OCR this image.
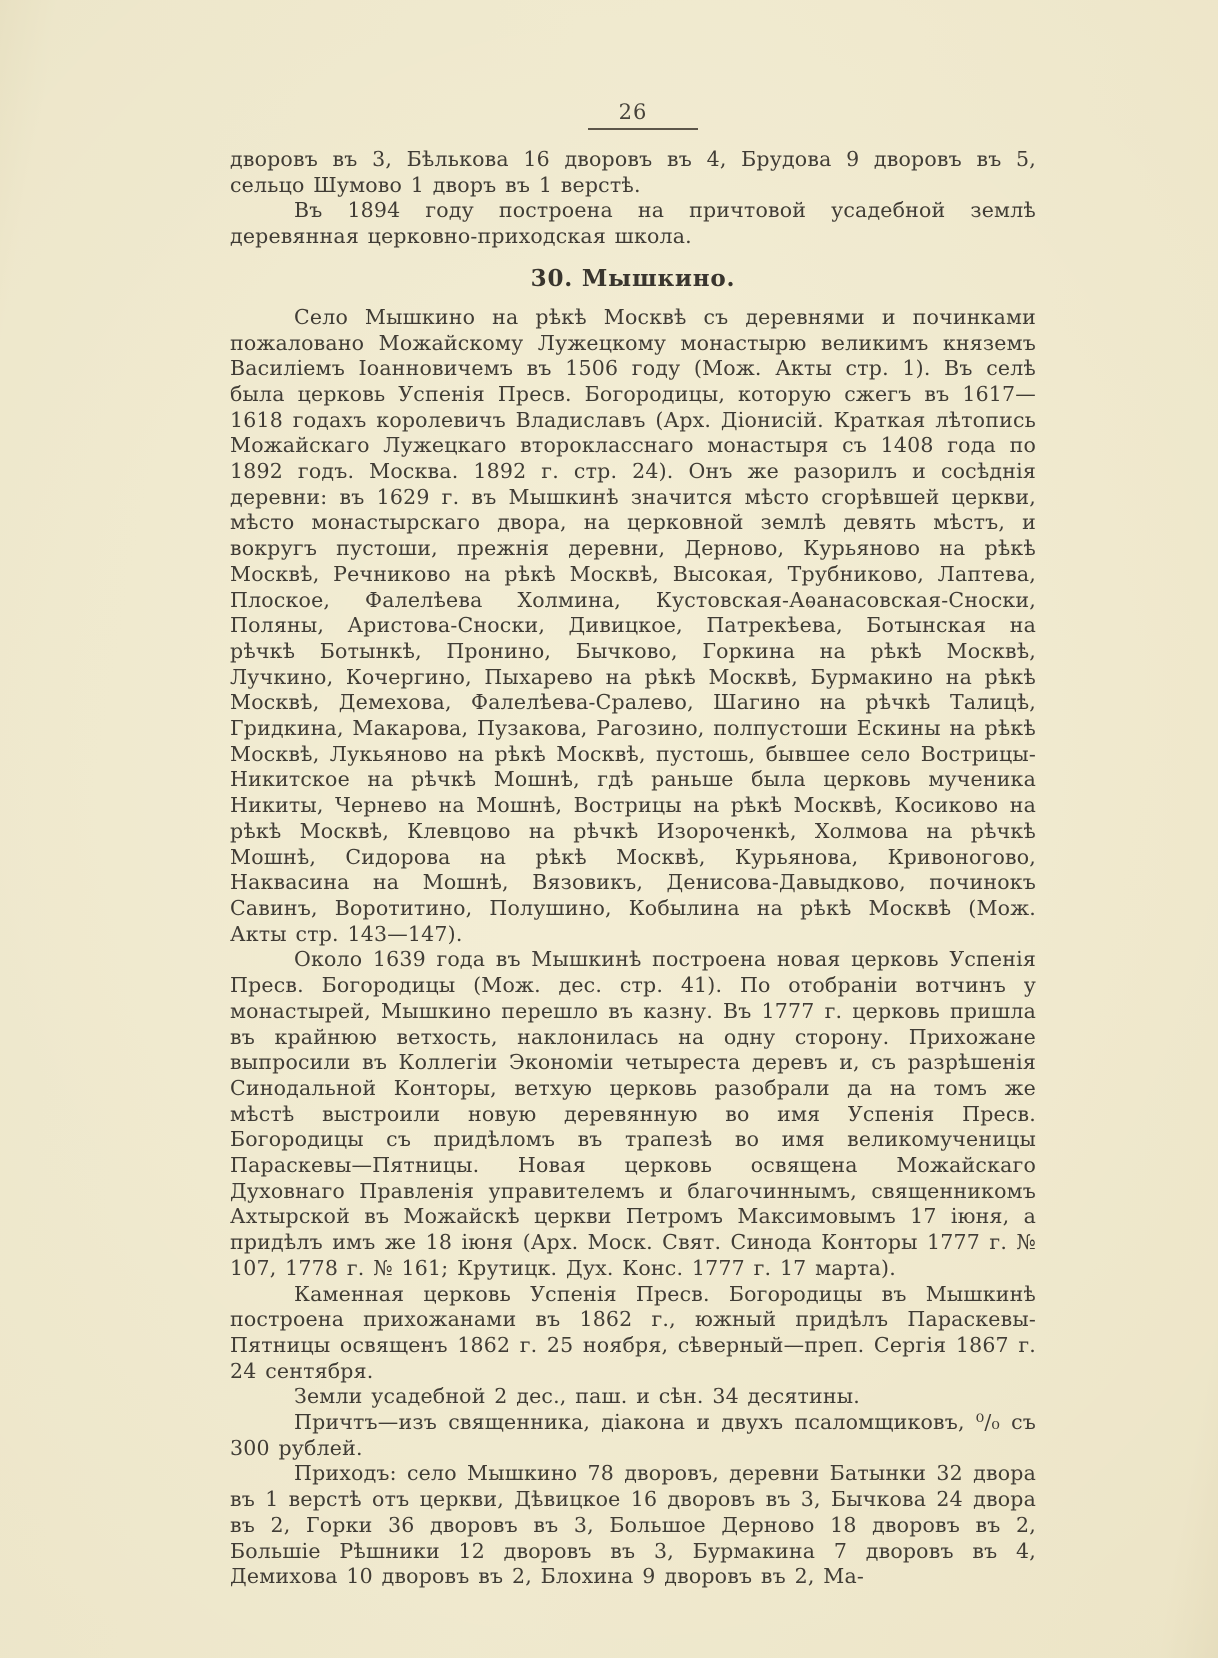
26

дворовъ въ 3, Бѣлькова 16 дворовъ въ 4, Брудова 9 дворовъ въ 5, сельцо Шумово 1 дворъ въ 1 верстѣ.

Въ 1894 году построена на причтовой усадебной землѣ деревянная церковно-приходская школа.

30. Мышкино.

Село Мышкино на рѣкѣ Москвѣ съ деревнями и починками пожаловано Можайскому Лужецкому монастырю великимъ княземъ Василіемъ Іоанновичемъ въ 1506 году (Мож. Акты стр. 1). Въ селѣ была церковь Успенія Пресв. Богородицы, которую сжегъ въ 1617—1618 годахъ королевичъ Владиславъ (Арх. Діонисій. Краткая лѣтопись Можайскаго Лужецкаго второкласснаго монастыря съ 1408 года по 1892 годъ. Москва. 1892 г. стр. 24). Онъ же разорилъ и сосѣднія деревни: въ 1629 г. въ Мышкинѣ значится мѣсто сгорѣвшей церкви, мѣсто монастырскаго двора, на церковной землѣ девять мѣстъ, и вокругъ пустоши, прежнія деревни, Дерново, Курьяново на рѣкѣ Москвѣ, Речниково на рѣкѣ Москвѣ, Высокая, Трубниково, Лаптева, Плоское, Фалелѣева Холмина, Кустовская-Аѳанасовская-Сноски, Поляны, Аристова-Сноски, Дивицкое, Патрекѣева, Ботынская на рѣчкѣ Ботынкѣ, Пронино, Бычково, Горкина на рѣкѣ Москвѣ, Лучкино, Кочергино, Пыхарево на рѣкѣ Москвѣ, Бурмакино на рѣкѣ Москвѣ, Демехова, Фалелѣева-Сралево, Шагино на рѣчкѣ Талицѣ, Гридкина, Макарова, Пузакова, Рагозино, полпустоши Ескины на рѣкѣ Москвѣ, Лукьяново на рѣкѣ Москвѣ, пустошь, бывшее село Вострицы-Никитское на рѣчкѣ Мошнѣ, гдѣ раньше была церковь мученика Никиты, Чернево на Мошнѣ, Вострицы на рѣкѣ Москвѣ, Косиково на рѣкѣ Москвѣ, Клевцово на рѣчкѣ Изороченкѣ, Холмова на рѣчкѣ Мошнѣ, Сидорова на рѣкѣ Москвѣ, Курьянова, Кривоногово, Наквасина на Мошнѣ, Вязовикъ, Денисова-Давыдково, починокъ Савинъ, Воротитино, Полушино, Кобылина на рѣкѣ Москвѣ (Мож. Акты стр. 143—147).

Около 1639 года въ Мышкинѣ построена новая церковь Успенія Пресв. Богородицы (Мож. дес. стр. 41). По отобраніи вотчинъ у монастырей, Мышкино перешло въ казну. Въ 1777 г. церковь пришла въ крайнюю ветхость, наклонилась на одну сторону. Прихожане выпросили въ Коллегіи Экономіи четыреста деревъ и, съ разрѣшенія Синодальной Конторы, ветхую церковь разобрали да на томъ же мѣстѣ выстроили новую деревянную во имя Успенія Пресв. Богородицы съ придѣломъ въ трапезѣ во имя великомученицы Параскевы—Пятницы. Новая церковь освящена Можайскаго Духовнаго Правленія управителемъ и благочиннымъ, священникомъ Ахтырской въ Можайскѣ церкви Петромъ Максимовымъ 17 іюня, а придѣлъ имъ же 18 іюня (Арх. Моск. Свят. Синода Конторы 1777 г. № 107, 1778 г. № 161; Крутицк. Дух. Конс. 1777 г. 17 марта).

Каменная церковь Успенія Пресв. Богородицы въ Мышкинѣ построена прихожанами въ 1862 г., южный придѣлъ Параскевы-Пятницы освященъ 1862 г. 25 ноября, сѣверный—преп. Сергія 1867 г. 24 сентября.

Земли усадебной 2 дес., паш. и сѣн. 34 десятины.

Причтъ—изъ священника, діакона и двухъ псаломщиковъ, ⁰/₀ съ 300 рублей.

Приходъ: село Мышкино 78 дворовъ, деревни Батынки 32 двора въ 1 верстѣ отъ церкви, Дѣвицкое 16 дворовъ въ 3, Бычкова 24 двора въ 2, Горки 36 дворовъ въ 3, Большое Дерново 18 дворовъ въ 2, Большіе Рѣшники 12 дворовъ въ 3, Бурмакина 7 дворовъ въ 4, Демихова 10 дворовъ въ 2, Блохина 9 дворовъ въ 2, Ма-
